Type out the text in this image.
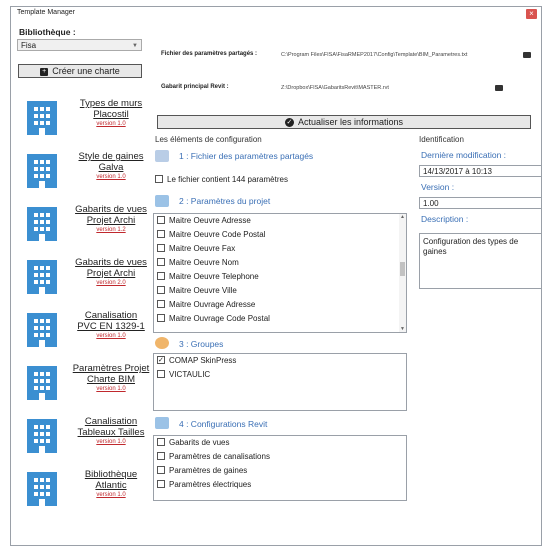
Template Manager	×
Bibliothèque :
Fisa	▼
+ Créer une charte
Types de murs
Placostil
version 1.0
Style de gaines
Galva
version 1.0
Gabarits de vues
Projet Archi
version 1.2
Gabarits de vues
Projet Archi
version 2.0
Canalisation
PVC EN 1329-1
version 1.0
Paramètres Projet
Charte BIM
version 1.0
Canalisation
Tableaux Tailles
version 1.0
Bibliothèque
Atlantic
version 1.0
Fichier des paramètres partagés :	C:\Program Files\FISA\FisaRMEP2017\Config\Template\BIM_Parametres.txt
Gabarit principal Revit :	Z:\Dropbox\FISA\GabaritsRevit\MASTER.rvt
✓ Actualiser les informations
Les éléments de configuration
1 : Fichier des paramètres partagés
Le fichier contient 144 paramètres
2 : Paramètres du projet
Maitre Oeuvre Adresse
Maitre Oeuvre Code Postal
Maitre Oeuvre Fax
Maitre Oeuvre Nom
Maitre Oeuvre Telephone
Maitre Oeuvre Ville
Maitre Ouvrage Adresse
Maitre Ouvrage Code Postal
▲
▼
3 : Groupes
✓COMAP SkinPress
VICTAULIC
4 : Configurations Revit
Gabarits de vues
Paramètres de canalisations
Paramètres de gaines
Paramètres électriques
Identification
Dernière modification :
14/13/2017 à 10:13
Version :
1.00
Description :
Configuration des types de gaines
